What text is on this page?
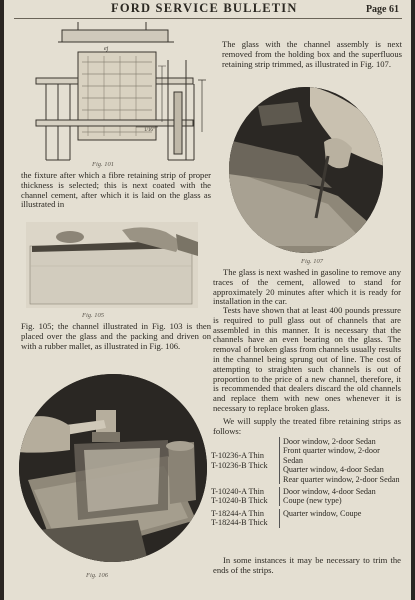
FORD SERVICE BULLETIN	Page 61
ej
1/16"
Fig. 101
the fixture after which a fibre retaining strip of proper thickness is selected; this is next coated with the channel cement, after which it is laid on the glass as illustrated in
Fig. 105
Fig. 105; the channel illustrated in Fig. 103 is then placed over the glass and the packing and driven on with a rubber mallet, as illustrated in Fig. 106.
Fig. 106
The glass with the channel assembly is next removed from the holding box and the superfluous retaining strip trimmed, as illustrated in Fig. 107.
Fig. 107
The glass is next washed in gasoline to remove any traces of the cement, allowed to stand for approximately 20 minutes after which it is ready for installation in the car.
Tests have shown that at least 400 pounds pressure is required to pull glass out of channels that are assembled in this manner. It is necessary that the channels have an even bearing on the glass. The removal of broken glass from channels usually results in the channel being sprung out of line. The cost of attempting to straighten such channels is out of proportion to the price of a new channel, therefore, it is recommended that dealers discard the old channels and replace them with new ones whenever it is necessary to replace broken glass.
We will supply the treated fibre retaining strips as follows:
T-10236-A Thin
T-10236-B Thick
Door window, 2-door Sedan
Front quarter window, 2-door Sedan
Quarter window, 4-door Sedan
Rear quarter window, 2-door Sedan
T-10240-A Thin
T-10240-B Thick
Door window, 4-door Sedan
Coupe (new type)
T-18244-A Thin
T-18244-B Thick
Quarter window, Coupe
In some instances it may be necessary to trim the ends of the strips.
